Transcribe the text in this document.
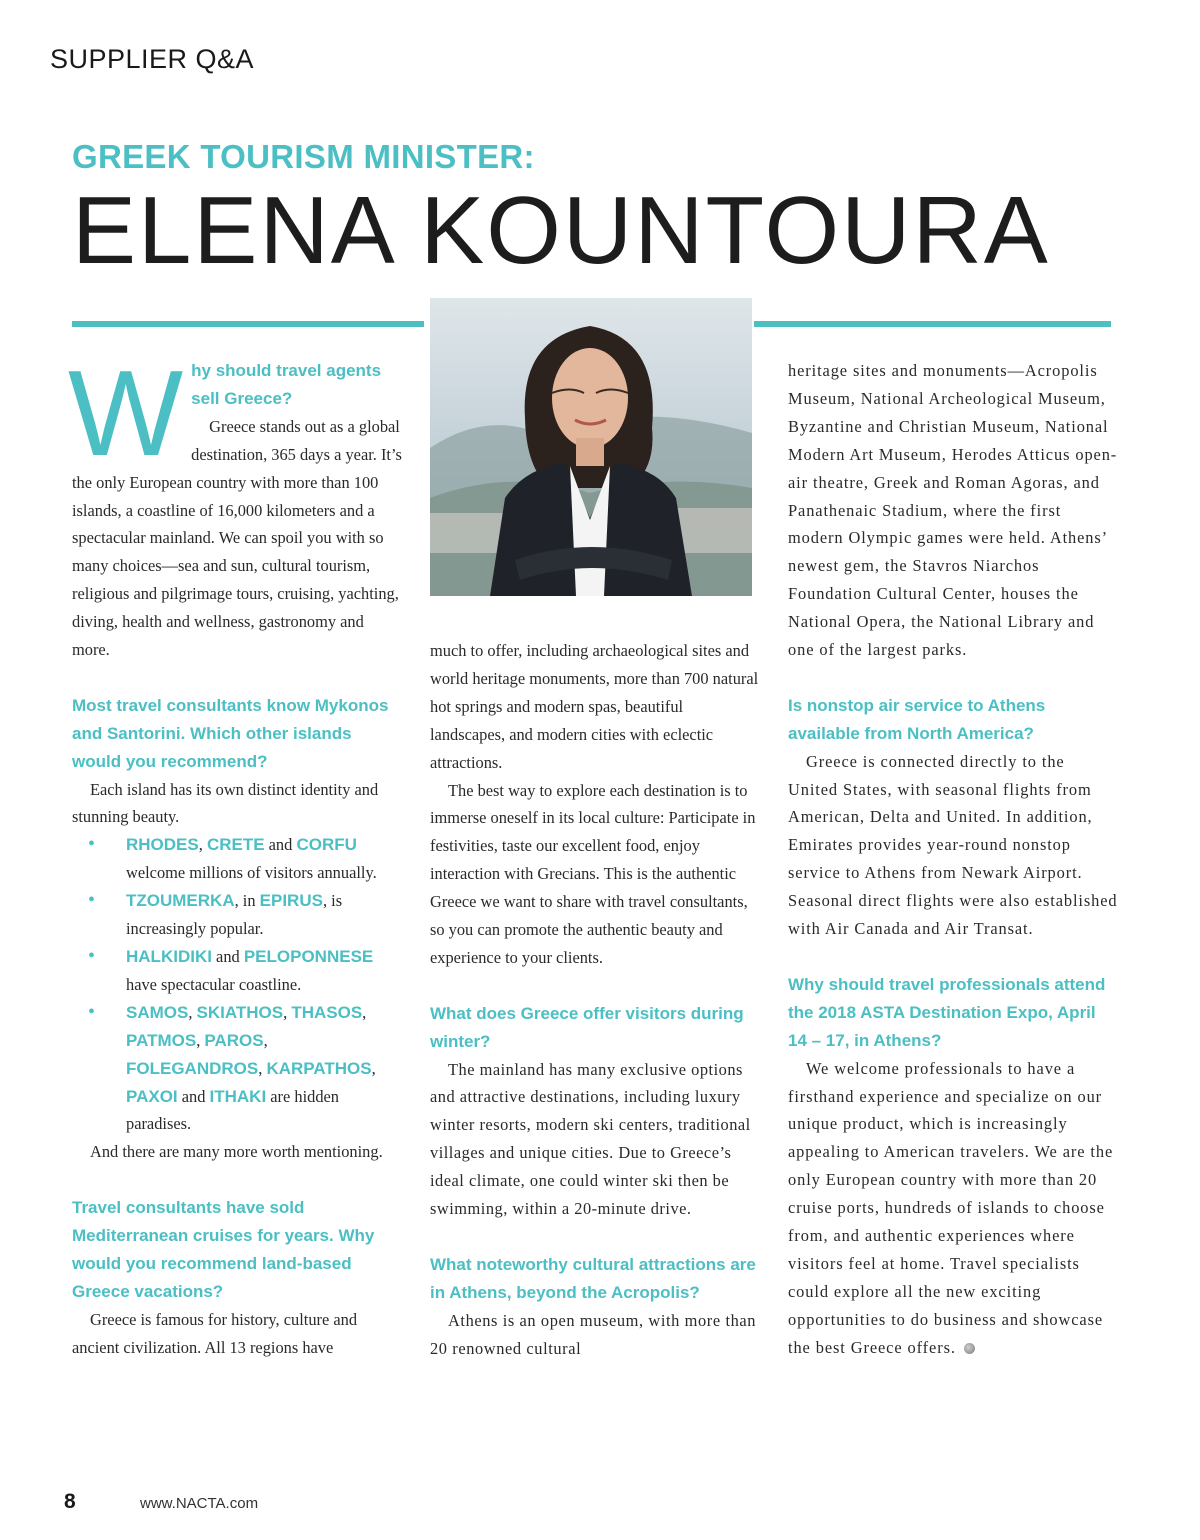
SUPPLIER Q&A
GREEK TOURISM MINISTER:
ELENA KOUNTOURA
W hy should travel agents sell Greece?

Greece stands out as a global destination, 365 days a year. It’s the only European country with more than 100 islands, a coastline of 16,000 kilometers and a spectacular mainland. We can spoil you with so many choices—sea and sun, cultural tourism, religious and pilgrimage tours, cruising, yachting, diving, health and wellness, gastronomy and more.

Most travel consultants know Mykonos and Santorini. Which other islands would you recommend?

Each island has its own distinct identity and stunning beauty.

• RHODES, CRETE and CORFU welcome millions of visitors annually.
• TZOUMERKA, in EPIRUS, is increasingly popular.
• HALKIDIKI and PELOPONNESE have spectacular coastline.
• SAMOS, SKIATHOS, THASOS, PATMOS, PAROS, FOLEGANDROS, KARPATHOS, PAXOI and ITHAKI are hidden paradises.

And there are many more worth mentioning.

Travel consultants have sold Mediterranean cruises for years. Why would you recommend land-based Greece vacations?

Greece is famous for history, culture and ancient civilization. All 13 regions have

much to offer, including archaeological sites and world heritage monuments, more than 700 natural hot springs and modern spas, beautiful landscapes, and modern cities with eclectic attractions.

The best way to explore each destination is to immerse oneself in its local culture: Participate in festivities, taste our excellent food, enjoy interaction with Grecians. This is the authentic Greece we want to share with travel consultants, so you can promote the authentic beauty and experience to your clients.

What does Greece offer visitors during winter?

The mainland has many exclusive options and attractive destinations, including luxury winter resorts, modern ski centers, traditional villages and unique cities. Due to Greece’s ideal climate, one could winter ski then be swimming, within a 20-minute drive.

What noteworthy cultural attractions are in Athens, beyond the Acropolis?

Athens is an open museum, with more than 20 renowned cultural

heritage sites and monuments—Acropolis Museum, National Archeological Museum, Byzantine and Christian Museum, National Modern Art Museum, Herodes Atticus open-air theatre, Greek and Roman Agoras, and Panathenaic Stadium, where the first modern Olympic games were held. Athens’ newest gem, the Stavros Niarchos Foundation Cultural Center, houses the National Opera, the National Library and one of the largest parks.

Is nonstop air service to Athens available from North America?

Greece is connected directly to the United States, with seasonal flights from American, Delta and United. In addition, Emirates provides year-round nonstop service to Athens from Newark Airport. Seasonal direct flights were also established with Air Canada and Air Transat.

Why should travel professionals attend the 2018 ASTA Destination Expo, April 14 – 17, in Athens?

We welcome professionals to have a firsthand experience and specialize on our unique product, which is increasingly appealing to American travelers. We are the only European country with more than 20 cruise ports, hundreds of islands to choose from, and authentic experiences where visitors feel at home. Travel specialists could explore all the new exciting opportunities to do business and showcase the best Greece offers.

8	www.NACTA.com
